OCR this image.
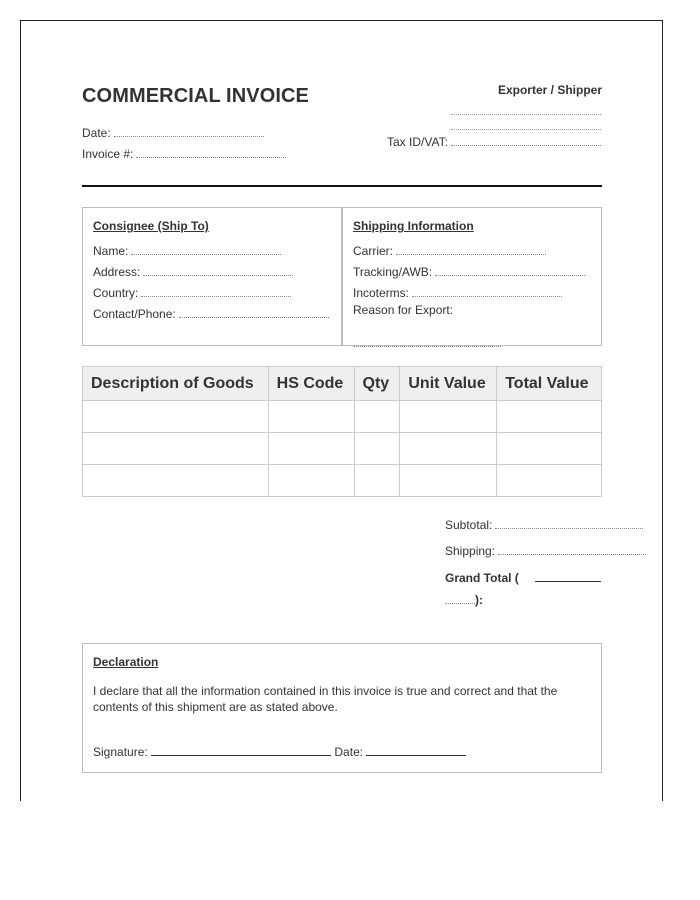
COMMERCIAL INVOICE	Exporter / Shipper
Date:
Invoice #:
Tax ID/VAT:
Consignee (Ship To)
Name:
Address:
Country:
Contact/Phone:
Shipping Information
Carrier:
Tracking/AWB:
Incoterms:
Reason for Export:
Description of Goods	HS Code	Qty	Unit Value	Total Value

Subtotal:
Shipping:
Grand Total (
):
Declaration
I declare that all the information contained in this invoice is true and correct and that the contents of this shipment are as stated above.
Signature:	Date:
